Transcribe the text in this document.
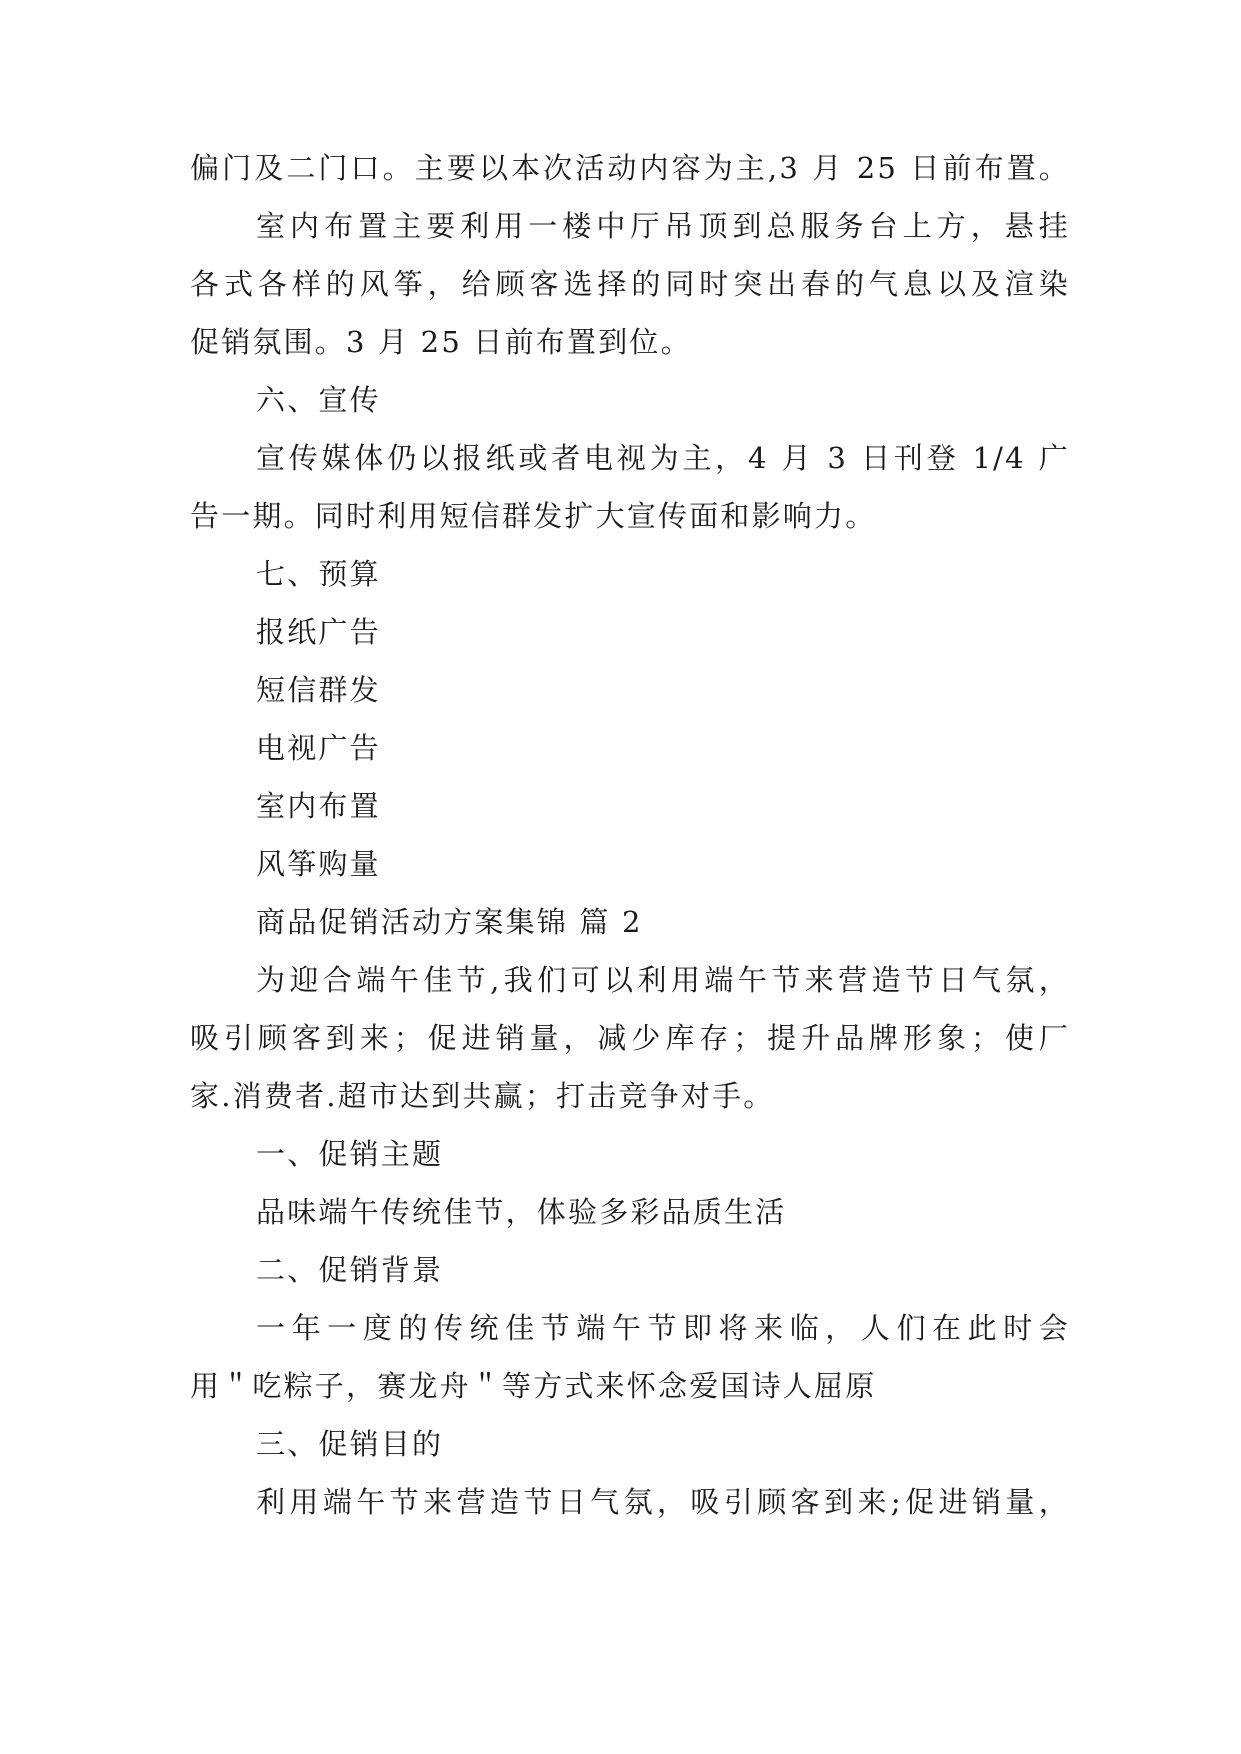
偏门及二门口。主要以本次活动内容为主,3 月 25 日前布置。
室内布置主要利用一楼中厅吊顶到总服务台上方，悬挂
各式各样的风筝，给顾客选择的同时突出春的气息以及渲染
促销氛围。3 月 25 日前布置到位。
六、宣传
宣传媒体仍以报纸或者电视为主，4 月 3 日刊登 1/4 广
告一期。同时利用短信群发扩大宣传面和影响力。
七、预算
报纸广告
短信群发
电视广告
室内布置
风筝购量
商品促销活动方案集锦 篇 2
为迎合端午佳节,我们可以利用端午节来营造节日气氛，
吸引顾客到来；促进销量，减少库存；提升品牌形象；使厂
家.消费者.超市达到共赢；打击竞争对手。
一、促销主题
品味端午传统佳节，体验多彩品质生活
二、促销背景
一年一度的传统佳节端午节即将来临，人们在此时会
用＂吃粽子，赛龙舟＂等方式来怀念爱国诗人屈原
三、促销目的
利用端午节来营造节日气氛，吸引顾客到来;促进销量，
